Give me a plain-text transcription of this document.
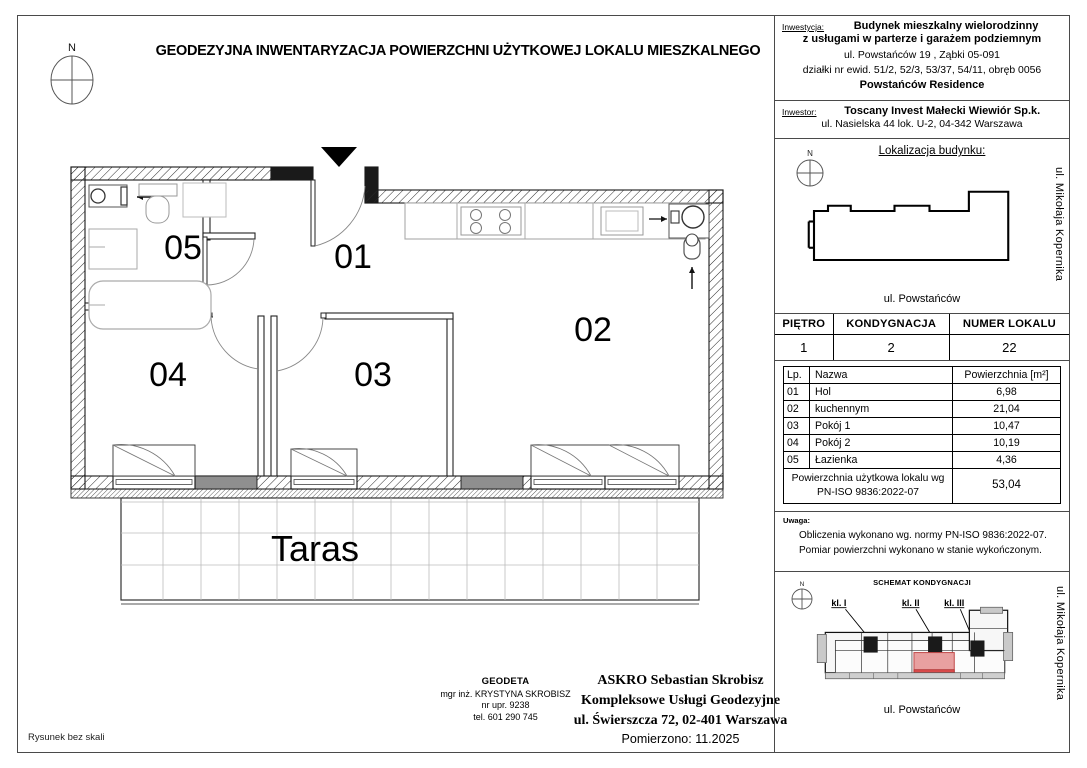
N	GEODEZYJNA INWENTARYZACJA POWIERZCHNI UŻYTKOWEJ LOKALU MIESZKALNEGO
Rysunek bez skali
Taras
01
02
03
04
05
GEODETA
mgr inż. KRYSTYNA SKROBISZ
nr upr. 9238
tel. 601 290 745
ASKRO Sebastian Skrobisz
Kompleksowe Usługi Geodezyjne
ul. Świerszcza 72, 02-401 Warszawa
Pomierzono: 11.2025
Inwestycja:	Budynek mieszkalny wielorodzinny
z usługami w parterze i garażem podziemnym
ul. Powstańców 19 , Ząbki 05-091
działki nr ewid. 51/2, 52/3, 53/37, 54/11, obręb 0056
Powstańców Residence
Inwestor:	Toscany Invest Małecki Wiewiór Sp.k.
ul. Nasielska 44 lok. U-2, 04-342 Warszawa
N	Lokalizacja budynku:
ul. Powstańców
ul. Mikołaja Kopernika
PIĘTRO	KONDYGNACJA	NUMER LOKALU
1	2	22
Lp.	Nazwa	Powierzchnia [m²]
01	Hol	6,98
02	kuchennym	21,04
03	Pokój 1	10,47
04	Pokój 2	10,19
05	Łazienka	4,36
Powierzchnia użytkowa lokalu wg
PN-ISO 9836:2022-07		53,04
Uwaga:
Obliczenia wykonano wg. normy PN-ISO 9836:2022-07.
Pomiar powierzchni wykonano w stanie wykończonym.
N	SCHEMAT KONDYGNACJI
kl. I	kl. II	kl. III
ul. Powstańców
ul. Mikołaja Kopernika
